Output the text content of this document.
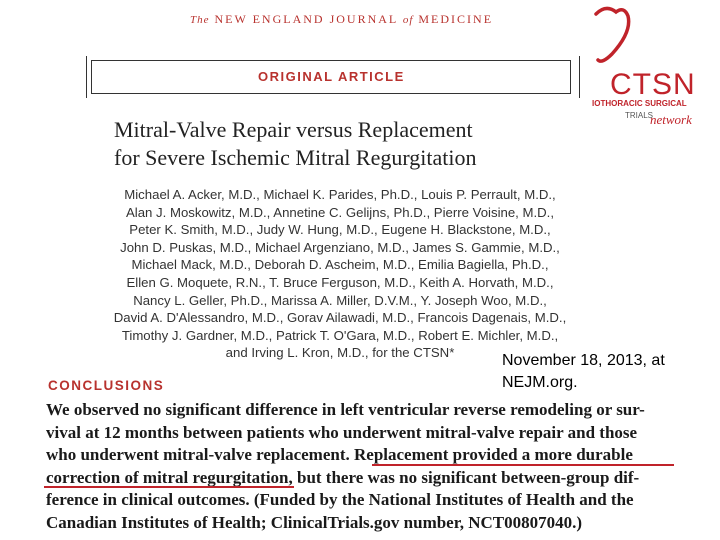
The NEW ENGLAND JOURNAL of MEDICINE
ORIGINAL ARTICLE
Mitral-Valve Repair versus Replacement
for Severe Ischemic Mitral Regurgitation
Michael A. Acker, M.D., Michael K. Parides, Ph.D., Louis P. Perrault, M.D.,
Alan J. Moskowitz, M.D., Annetine C. Gelijns, Ph.D., Pierre Voisine, M.D.,
Peter K. Smith, M.D., Judy W. Hung, M.D., Eugene H. Blackstone, M.D.,
John D. Puskas, M.D., Michael Argenziano, M.D., James S. Gammie, M.D.,
Michael Mack, M.D., Deborah D. Ascheim, M.D., Emilia Bagiella, Ph.D.,
Ellen G. Moquete, R.N., T. Bruce Ferguson, M.D., Keith A. Horvath, M.D.,
Nancy L. Geller, Ph.D., Marissa A. Miller, D.V.M., Y. Joseph Woo, M.D.,
David A. D'Alessandro, M.D., Gorav Ailawadi, M.D., Francois Dagenais, M.D.,
Timothy J. Gardner, M.D., Patrick T. O'Gara, M.D., Robert E. Michler, M.D.,
and Irving L. Kron, M.D., for the CTSN*	November 18, 2013, at NEJM.org.
CONCLUSIONS
We observed no significant difference in left ventricular reverse remodeling or sur-
vival at 12 months between patients who underwent mitral-valve repair and those
who underwent mitral-valve replacement. Replacement provided a more durable
correction of mitral regurgitation, but there was no significant between-group dif-
ference in clinical outcomes. (Funded by the National Institutes of Health and the
Canadian Institutes of Health; ClinicalTrials.gov number, NCT00807040.)
CTSN
IOTHORACIC SURGICAL
TRIALS
network
